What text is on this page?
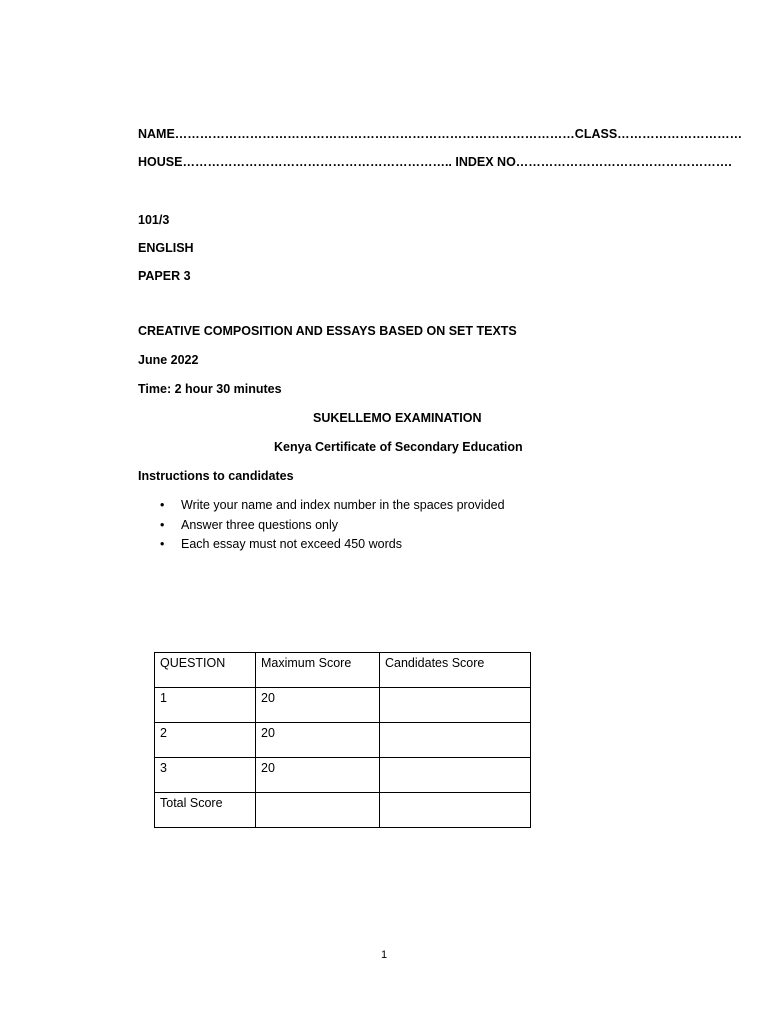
NAME……………………………………………………………………………………CLASS…………………………
HOUSE……………………………………………………….. INDEX NO…………………………………………….
101/3
ENGLISH
PAPER 3
CREATIVE COMPOSITION AND ESSAYS BASED ON SET TEXTS
June 2022
Time: 2 hour 30 minutes
SUKELLEMO EXAMINATION
Kenya Certificate of Secondary Education
Instructions to candidates
• Write your name and index number in the spaces provided
• Answer three questions only
• Each essay must not exceed 450 words
QUESTION	Maximum Score	Candidates Score
1	20	
2	20	
3	20	
Total Score		
1
